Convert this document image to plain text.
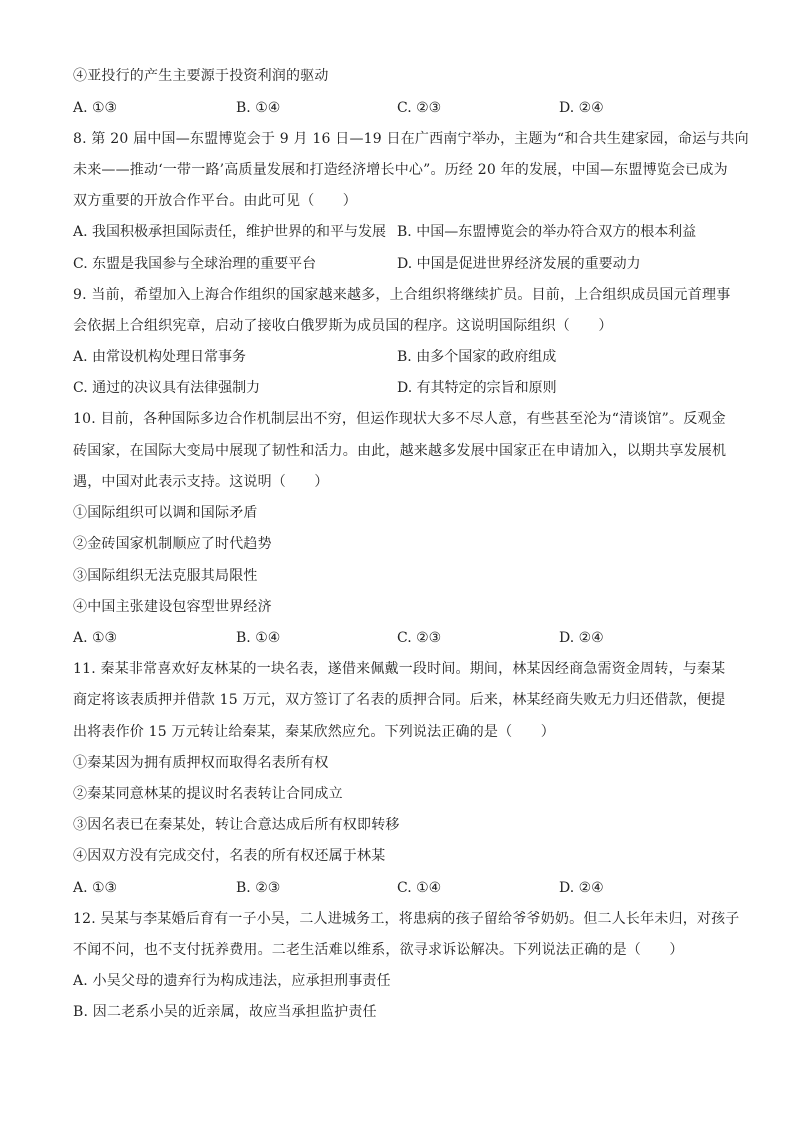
④亚投行的产生主要源于投资利润的驱动
A. ①③	B. ①④	C. ②③	D. ②④
8. 第 20 届中国—东盟博览会于 9 月 16 日—19 日在广西南宁举办，主题为“和合共生建家园，命运与共向
未来——推动‘一带一路’高质量发展和打造经济增长中心”。历经 20 年的发展，中国—东盟博览会已成为
双方重要的开放合作平台。由此可见（　　）
A. 我国积极承担国际责任，维护世界的和平与发展 B. 中国—东盟博览会的举办符合双方的根本利益
C. 东盟是我国参与全球治理的重要平台	D. 中国是促进世界经济发展的重要动力
9. 当前，希望加入上海合作组织的国家越来越多，上合组织将继续扩员。目前，上合组织成员国元首理事
会依据上合组织宪章，启动了接收白俄罗斯为成员国的程序。这说明国际组织（　　）
A. 由常设机构处理日常事务	B. 由多个国家的政府组成
C. 通过的决议具有法律强制力	D. 有其特定的宗旨和原则
10. 目前，各种国际多边合作机制层出不穷，但运作现状大多不尽人意，有些甚至沦为“清谈馆”。反观金
砖国家，在国际大变局中展现了韧性和活力。由此，越来越多发展中国家正在申请加入，以期共享发展机
遇，中国对此表示支持。这说明（　　）
①国际组织可以调和国际矛盾
②金砖国家机制顺应了时代趋势
③国际组织无法克服其局限性
④中国主张建设包容型世界经济
A. ①③	B. ①④	C. ②③	D. ②④
11. 秦某非常喜欢好友林某的一块名表，遂借来佩戴一段时间。期间，林某因经商急需资金周转，与秦某
商定将该表质押并借款 15 万元，双方签订了名表的质押合同。后来，林某经商失败无力归还借款，便提
出将表作价 15 万元转让给秦某，秦某欣然应允。下列说法正确的是（　　）
①秦某因为拥有质押权而取得名表所有权
②秦某同意林某的提议时名表转让合同成立
③因名表已在秦某处，转让合意达成后所有权即转移
④因双方没有完成交付，名表的所有权还属于林某
A. ①③	B. ②③	C. ①④	D. ②④
12. 吴某与李某婚后育有一子小吴，二人进城务工，将患病的孩子留给爷爷奶奶。但二人长年未归，对孩子
不闻不问，也不支付抚养费用。二老生活难以维系，欲寻求诉讼解决。下列说法正确的是（　　）
A. 小吴父母的遗弃行为构成违法，应承担刑事责任
B. 因二老系小吴的近亲属，故应当承担监护责任
